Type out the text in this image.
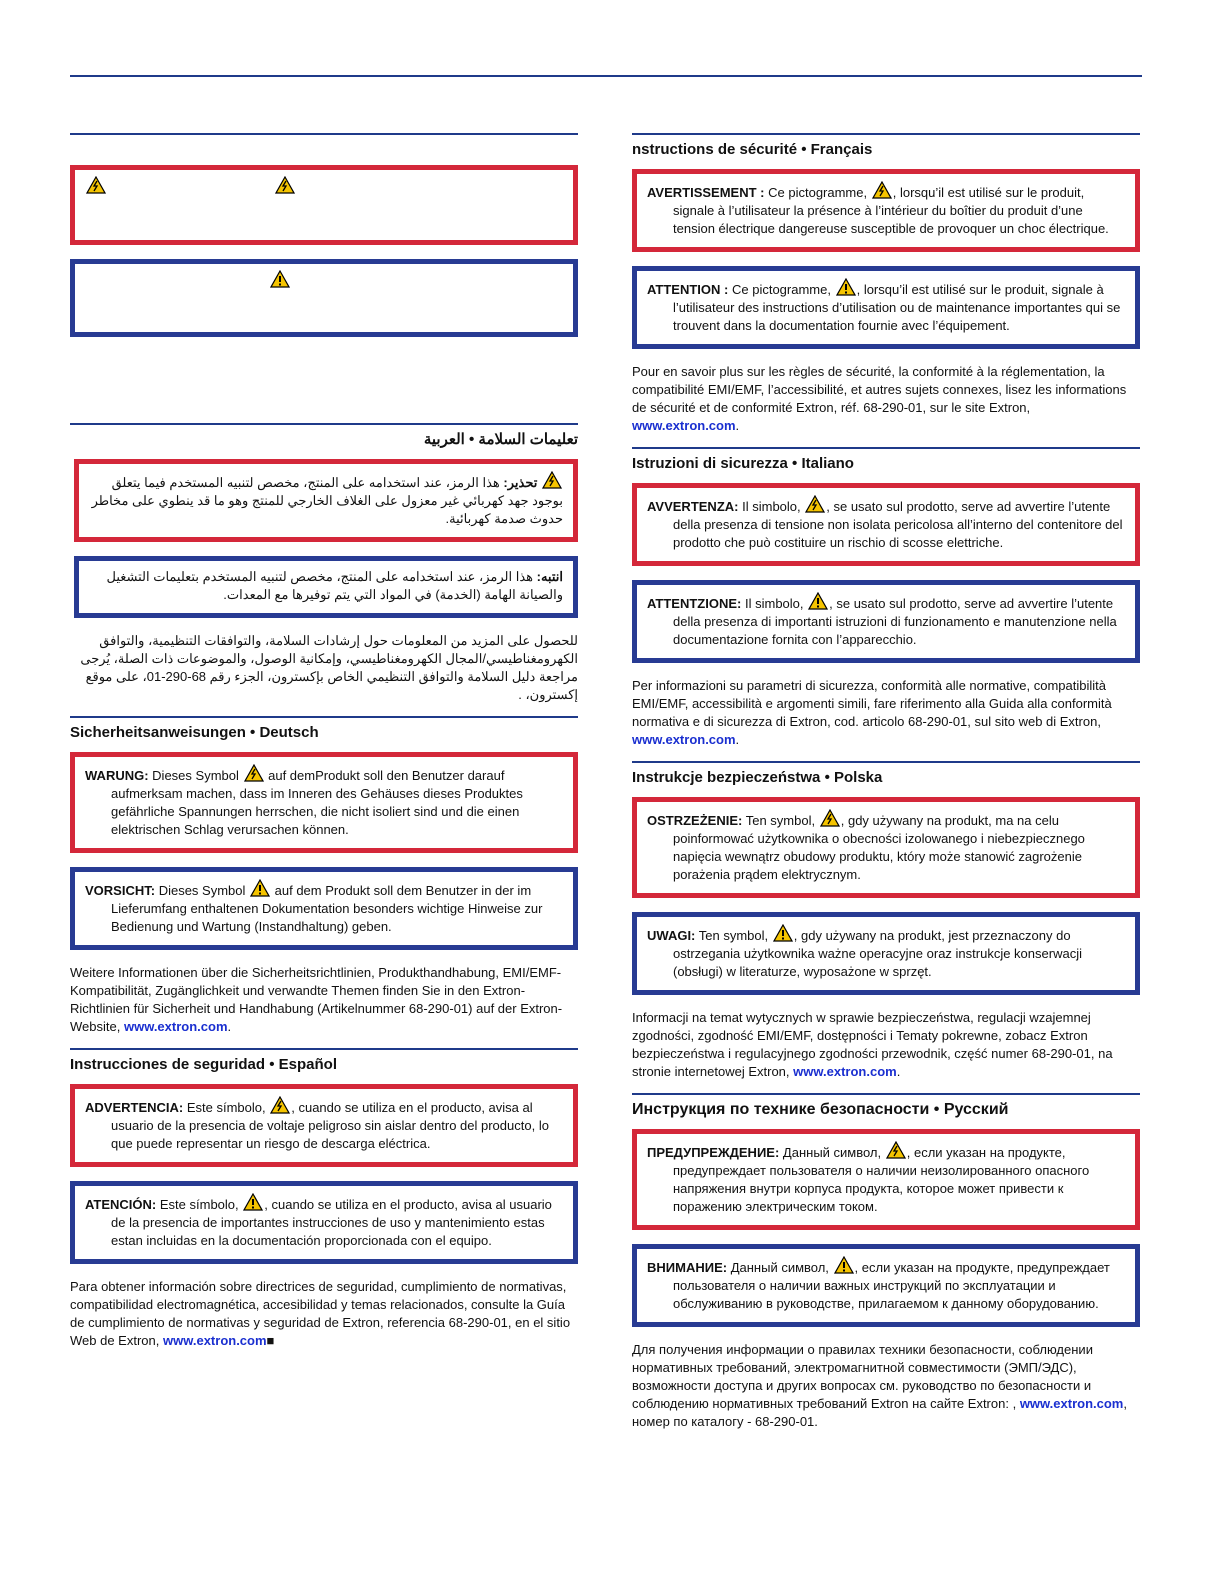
تعليمات السلامة • العربية
تحذير: هذا الرمز، عند استخدامه على المنتج، مخصص لتنبيه المستخدم فيما يتعلق بوجود جهد كهربائي غير معزول على الغلاف الخارجي للمنتج وهو ما قد ينطوي على مخاطر حدوث صدمة كهربائية.
انتبه: هذا الرمز، عند استخدامه على المنتج، مخصص لتنبيه المستخدم بتعليمات التشغيل والصيانة الهامة (الخدمة) في المواد التي يتم توفيرها مع المعدات.
للحصول على المزيد من المعلومات حول إرشادات السلامة، والتوافقات التنظيمية، والتوافق الكهرومغناطيسي/المجال الكهرومغناطيسي، وإمكانية الوصول، والموضوعات ذات الصلة، يُرجى مراجعة دليل السلامة والتوافق التنظيمي الخاص بإكسترون، الجزء رقم 68-290-01، على موقع إكسترون، .
Sicherheitsanweisungen • Deutsch
WARUNG: Dieses Symbol auf demProdukt soll den Benutzer darauf aufmerksam machen, dass im Inneren des Gehäuses dieses Produktes gefährliche Spannungen herrschen, die nicht isoliert sind und die einen elektrischen Schlag verursachen können.
VORSICHT: Dieses Symbol auf dem Produkt soll dem Benutzer in der im Lieferumfang enthaltenen Dokumentation besonders wichtige Hinweise zur Bedienung und Wartung (Instandhaltung) geben.
Weitere Informationen über die Sicherheitsrichtlinien, Produkthandhabung, EMI/EMF-Kompatibilität, Zugänglichkeit und verwandte Themen finden Sie in den Extron-Richtlinien für Sicherheit und Handhabung (Artikelnummer 68-290-01) auf der Extron-Website, www.extron.com.
Instrucciones de seguridad • Español
ADVERTENCIA: Este símbolo, , cuando se utiliza en el producto, avisa al usuario de la presencia de voltaje peligroso sin aislar dentro del producto, lo que puede representar un riesgo de descarga eléctrica.
ATENCIÓN: Este símbolo, , cuando se utiliza en el producto, avisa al usuario de la presencia de importantes instrucciones de uso y mantenimiento estas estan incluidas en la documentación proporcionada con el equipo.
Para obtener información sobre directrices de seguridad, cumplimiento de normativas, compatibilidad electromagnética, accesibilidad y temas relacionados, consulte la Guía de cumplimiento de normativas y seguridad de Extron, referencia 68-290-01, en el sitio Web de Extron, www.extron.com■
nstructions de sécurité • Français
AVERTISSEMENT : Ce pictogramme, , lorsqu’il est utilisé sur le produit, signale à l’utilisateur la présence à l’intérieur du boîtier du produit d’une tension électrique dangereuse susceptible de provoquer un choc électrique.
ATTENTION : Ce pictogramme, , lorsqu’il est utilisé sur le produit, signale à l’utilisateur des instructions d’utilisation ou de maintenance importantes qui se trouvent dans la documentation fournie avec l’équipement.
Pour en savoir plus sur les règles de sécurité, la conformité à la réglementation, la compatibilité EMI/EMF, l’accessibilité, et autres sujets connexes, lisez les informations de sécurité et de conformité Extron, réf. 68-290-01, sur le site Extron, www.extron.com.
Istruzioni di sicurezza • Italiano
AVVERTENZA: Il simbolo, , se usato sul prodotto, serve ad avvertire l’utente della presenza di tensione non isolata pericolosa all’interno del contenitore del prodotto che può costituire un rischio di scosse elettriche.
ATTENTZIONE: Il simbolo, , se usato sul prodotto, serve ad avvertire l’utente della presenza di importanti istruzioni di funzionamento e manutenzione nella documentazione fornita con l’apparecchio.
Per informazioni su parametri di sicurezza, conformità alle normative, compatibilità EMI/EMF, accessibilità e argomenti simili, fare riferimento alla Guida alla conformità normativa e di sicurezza di Extron, cod. articolo 68-290-01, sul sito web di Extron, www.extron.com.
Instrukcje bezpieczeństwa • Polska
OSTRZEŻENIE: Ten symbol, , gdy używany na produkt, ma na celu poinformować użytkownika o obecności izolowanego i niebezpiecznego napięcia wewnątrz obudowy produktu, który może stanowić zagrożenie porażenia prądem elektrycznym.
UWAGI: Ten symbol, , gdy używany na produkt, jest przeznaczony do ostrzegania użytkownika ważne operacyjne oraz instrukcje konserwacji (obsługi) w literaturze, wyposażone w sprzęt.
Informacji na temat wytycznych w sprawie bezpieczeństwa, regulacji wzajemnej zgodności, zgodność EMI/EMF, dostępności i Tematy pokrewne, zobacz Extron bezpieczeństwa i regulacyjnego zgodności przewodnik, część numer 68-290-01, na stronie internetowej Extron, www.extron.com.
Инструкция по технике безопасности • Русский
ПРЕДУПРЕЖДЕНИЕ: Данный символ, , если указан на продукте, предупреждает пользователя о наличии неизолированного опасного напряжения внутри корпуса продукта, которое может привести к поражению электрическим током.
ВНИМАНИЕ: Данный символ, , если указан на продукте, предупреждает пользователя о наличии важных инструкций по эксплуатации и обслуживанию в руководстве, прилагаемом к данному оборудованию.
Для получения информации о правилах техники безопасности, соблюдении нормативных требований, электромагнитной совместимости (ЭМП/ЭДС), возможности доступа и других вопросах см. руководство по безопасности и соблюдению нормативных требований Extron на сайте Extron: , www.extron.com, номер по каталогу - 68-290-01.
